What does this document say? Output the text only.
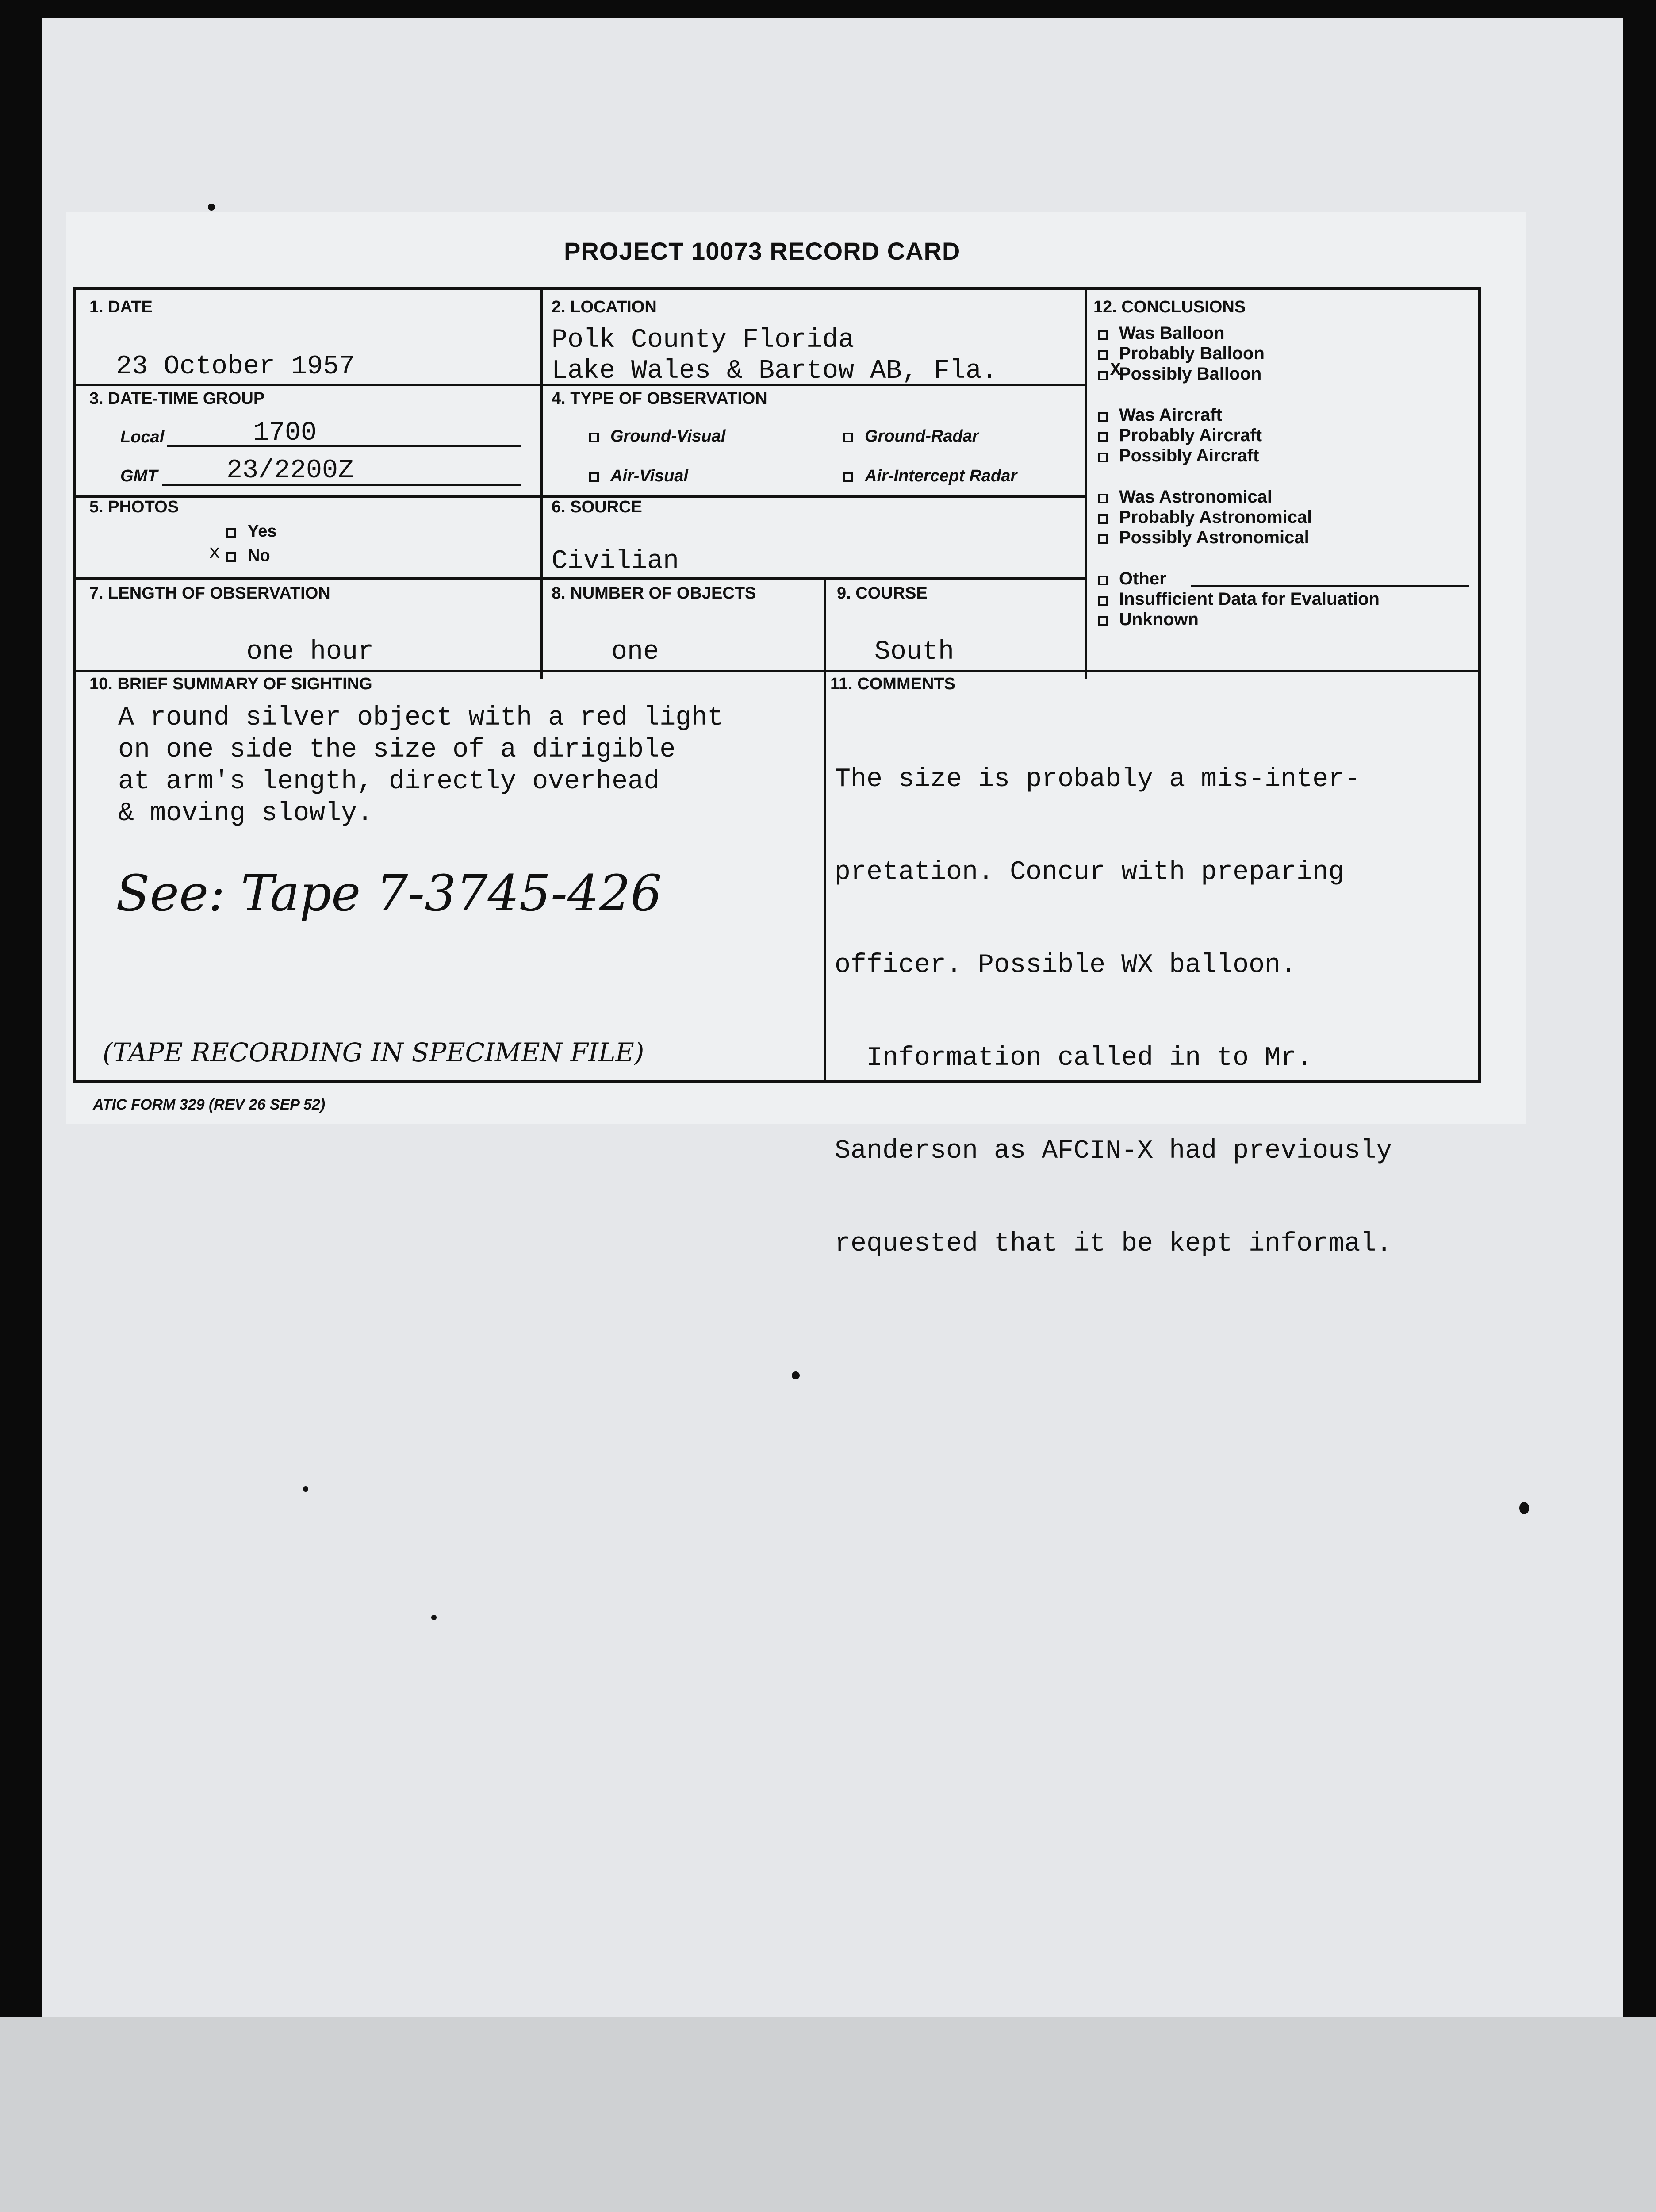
PROJECT 10073 RECORD CARD
1. DATE
23 October 1957
2. LOCATION
Polk County Florida
Lake Wales & Bartow AB, Fla.
3. DATE-TIME GROUP
Local	1700
GMT	23/2200Z
4. TYPE OF OBSERVATION
Ground-Visual
Air-Visual
Ground-Radar
Air-Intercept Radar
5. PHOTOS
Yes
x	No
6. SOURCE
Civilian
7. LENGTH OF OBSERVATION
one hour
8. NUMBER OF OBJECTS
one
9. COURSE
South
12. CONCLUSIONS
Was Balloon
Probably Balloon
Possibly Balloon
X
Was Aircraft
Probably Aircraft
Possibly Aircraft
Was Astronomical
Probably Astronomical
Possibly Astronomical
Other
Insufficient Data for Evaluation
Unknown
10. BRIEF SUMMARY OF SIGHTING
A round silver object with a red light
on one side the size of a dirigible
at arm's length, directly overhead
& moving slowly.
See: Tape 7-3745-426
(TAPE RECORDING IN SPECIMEN FILE)
11. COMMENTS

The size is probably a mis-inter-

pretation. Concur with preparing

officer. Possible WX balloon.

Information called in to Mr.

Sanderson as AFCIN-X had previously

requested that it be kept informal.

ATIC FORM 329 (REV 26 SEP 52)
